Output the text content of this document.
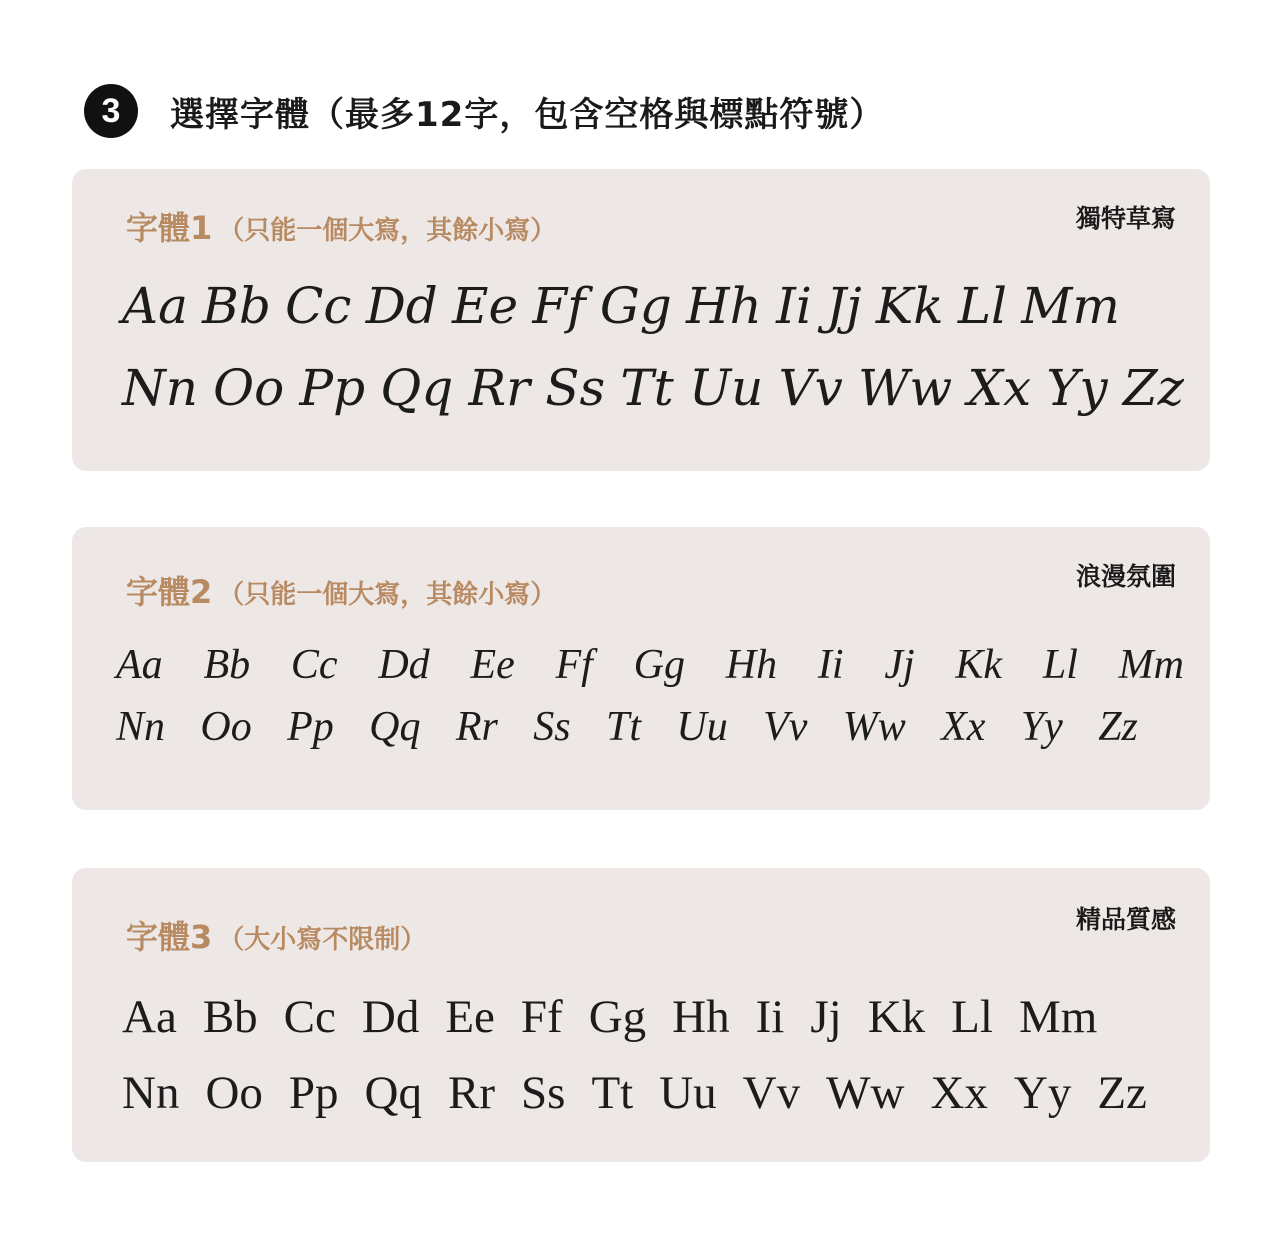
3	選擇字體（最多12字，包含空格與標點符號）
字體1 （只能一個大寫，其餘小寫）	獨特草寫
Aa Bb Cc Dd Ee Ff Gg Hh Ii Jj Kk Ll Mm
Nn Oo Pp Qq Rr Ss Tt Uu Vv Ww Xx Yy Zz
字體2 （只能一個大寫，其餘小寫）
浪漫氛圍
Aa Bb Cc Dd Ee Ff Gg Hh Ii Jj Kk Ll Mm
Nn Oo Pp Qq Rr Ss Tt Uu Vv Ww Xx Yy Zz
字體3 （大小寫不限制）
精品質感
Aa Bb Cc Dd Ee Ff Gg Hh Ii Jj Kk Ll Mm
Nn Oo Pp Qq Rr Ss Tt Uu Vv Ww Xx Yy Zz
